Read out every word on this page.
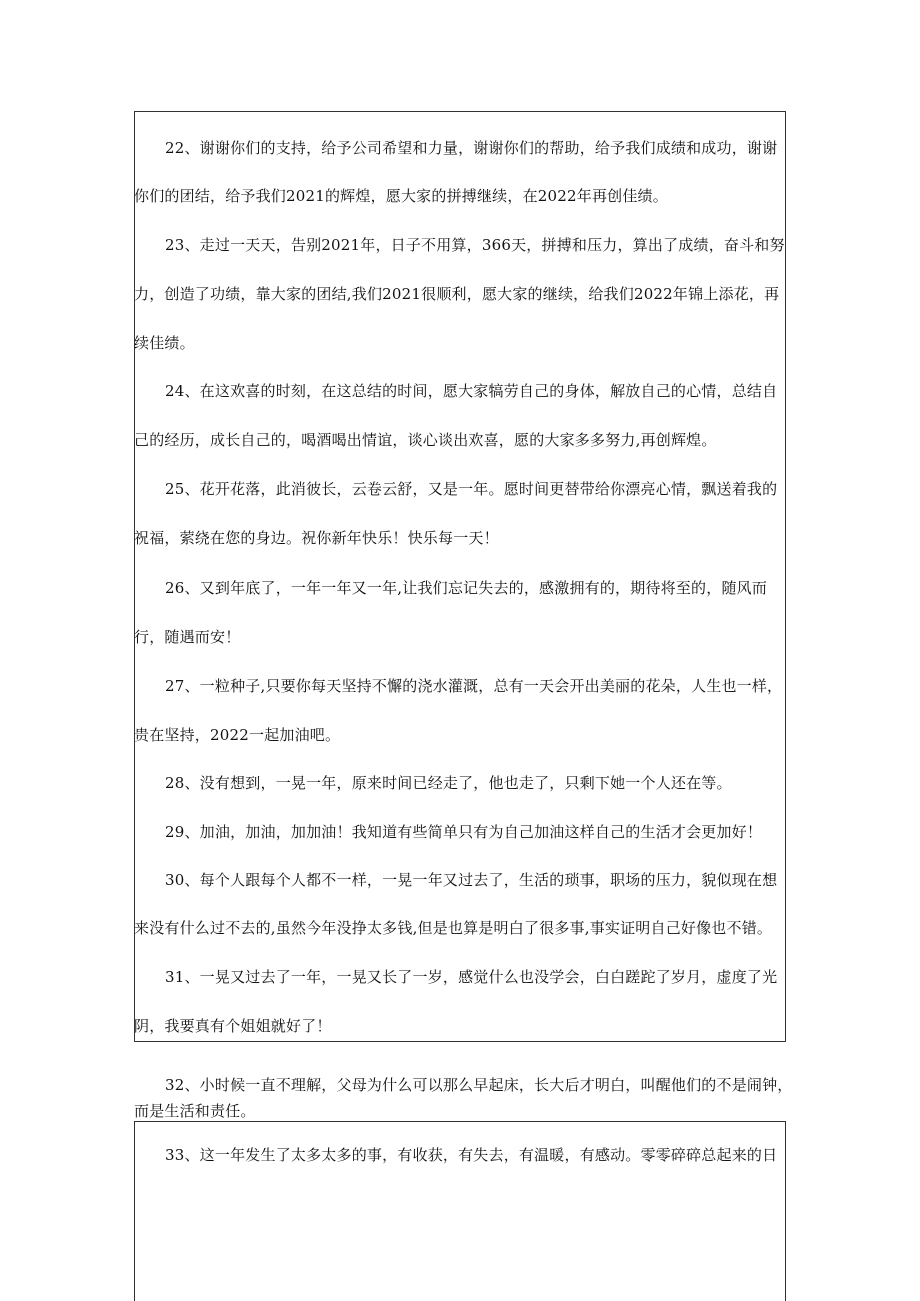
22、谢谢你们的支持，给予公司希望和力量，谢谢你们的帮助，给予我们成绩和成功，谢谢
你们的团结，给予我们2021的辉煌，愿大家的拼搏继续，在2022年再创佳绩。
23、走过一天天，告别2021年，日子不用算，366天，拼搏和压力，算出了成绩，奋斗和努
力，创造了功绩，靠大家的团结,我们2021很顺利，愿大家的继续，给我们2022年锦上添花，再
续佳绩。
24、在这欢喜的时刻，在这总结的时间，愿大家犒劳自己的身体，解放自己的心情，总结自
己的经历，成长自己的，喝酒喝出情谊，谈心谈出欢喜，愿的大家多多努力,再创辉煌。
25、花开花落，此消彼长，云卷云舒，又是一年。愿时间更替带给你漂亮心情，飘送着我的
祝福，萦绕在您的身边。祝你新年快乐！快乐每一天！
26、又到年底了，一年一年又一年,让我们忘记失去的，感激拥有的，期待将至的，随风而
行，随遇而安！
27、一粒种子,只要你每天坚持不懈的浇水灌溉，总有一天会开出美丽的花朵，人生也一样，
贵在坚持，2022一起加油吧。
28、没有想到，一晃一年，原来时间已经走了，他也走了，只剩下她一个人还在等。
29、加油，加油，加加油！我知道有些简单只有为自己加油这样自己的生活才会更加好！
30、每个人跟每个人都不一样，一晃一年又过去了，生活的琐事，职场的压力，貌似现在想
来没有什么过不去的,虽然今年没挣太多钱,但是也算是明白了很多事,事实证明自己好像也不错。
31、一晃又过去了一年，一晃又长了一岁，感觉什么也没学会，白白蹉跎了岁月，虚度了光
阴，我要真有个姐姐就好了！
32、小时候一直不理解，父母为什么可以那么早起床，长大后才明白，叫醒他们的不是闹钟，
而是生活和责任。
33、这一年发生了太多太多的事，有收获，有失去，有温暖，有感动。零零碎碎总起来的日
